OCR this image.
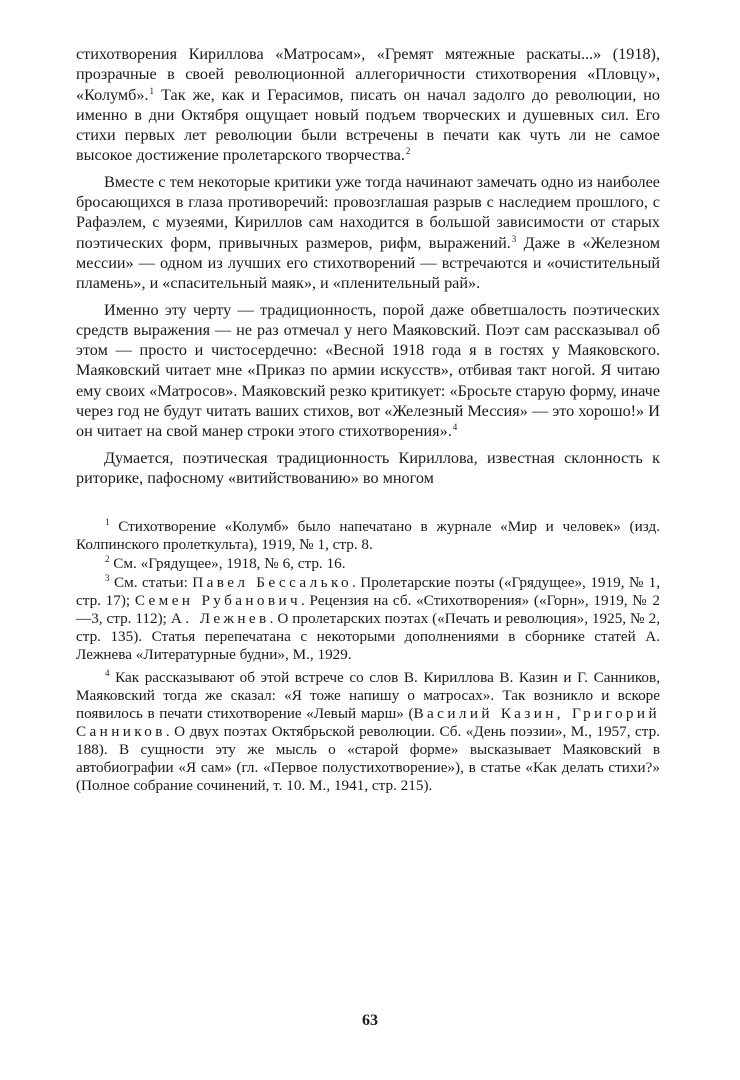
стихотворения Кириллова «Матросам», «Гремят мятежные раскаты...» (1918), прозрачные в своей революционной аллегоричности стихотворения «Пловцу», «Колумб».$^1$ Так же, как и Герасимов, писать он начал задолго до революции, но именно в дни Октября ощущает новый подъем творческих и душевных сил. Его стихи первых лет революции были встречены в печати как чуть ли не самое высокое достижение пролетарского творчества.$^2$

Вместе с тем некоторые критики уже тогда начинают замечать одно из наиболее бросающихся в глаза противоречий: провозглашая разрыв с наследием прошлого, с Рафаэлем, с музеями, Кириллов сам находится в большой зависимости от старых поэтических форм, привычных размеров, рифм, выражений.$^3$ Даже в «Железном мессии» — одном из лучших его стихотворений — встречаются и «очистительный пламень», и «спасительный маяк», и «пленительный рай».

Именно эту черту — традиционность, порой даже обветшалость поэтических средств выражения — не раз отмечал у него Маяковский. Поэт сам рассказывал об этом — просто и чистосердечно: «Весной 1918 года я в гостях у Маяковского. Маяковский читает мне «Приказ по армии искусств», отбивая такт ногой. Я читаю ему своих «Матросов». Маяковский резко критикует: «Бросьте старую форму, иначе через год не будут читать ваших стихов, вот «Железный Мессия» — это хорошо!» И он читает на свой манер строки этого стихотворения».$^4$

Думается, поэтическая традиционность Кириллова, известная склонность к риторике, пафосному «витийствованию» во многом

$^1$ Стихотворение «Колумб» было напечатано в журнале «Мир и человек» (изд. Колпинского пролеткульта), 1919, № 1, стр. 8.

$^2$ См. «Грядущее», 1918, № 6, стр. 16.

$^3$ См. статьи: Павел Бессалько. Пролетарские поэты («Грядущее», 1919, № 1, стр. 17); Семен Рубанович. Рецензия на сб. «Стихотворения» («Горн», 1919, № 2—3, стр. 112); А. Лежнев. О пролетарских поэтах («Печать и революция», 1925, № 2, стр. 135). Статья перепечатана с некоторыми дополнениями в сборнике статей А. Лежнева «Литературные будни», М., 1929.

$^4$ Как рассказывают об этой встрече со слов В. Кириллова В. Казин и Г. Санников, Маяковский тогда же сказал: «Я тоже напишу о матросах». Так возникло и вскоре появилось в печати стихотворение «Левый марш» (Василий Казин, Григорий Санников. О двух поэтах Октябрьской революции. Сб. «День поэзии», М., 1957, стр. 188). В сущности эту же мысль о «старой форме» высказывает Маяковский в автобиографии «Я сам» (гл. «Первое полустихотворение»), в статье «Как делать стихи?» (Полное собрание сочинений, т. 10. М., 1941, стр. 215).

63
